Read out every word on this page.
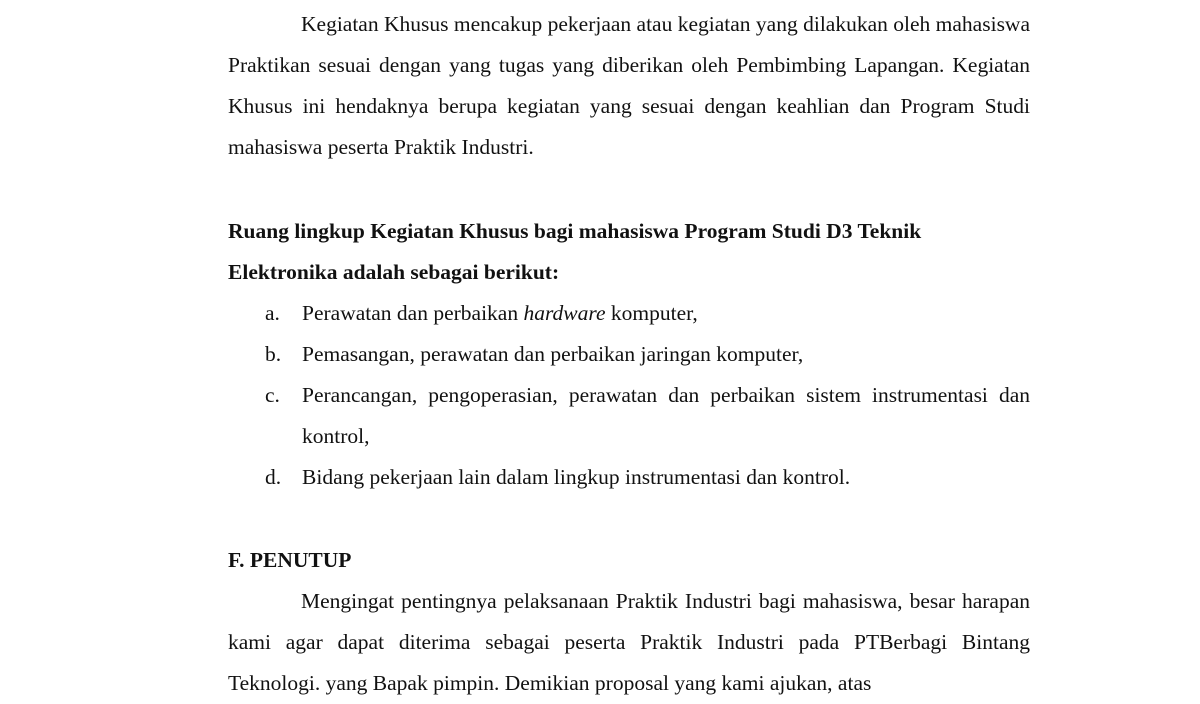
Kegiatan Khusus mencakup pekerjaan atau kegiatan yang dilakukan oleh mahasiswa Praktikan sesuai dengan yang tugas yang diberikan oleh Pembimbing Lapangan. Kegiatan Khusus ini hendaknya berupa kegiatan yang sesuai dengan keahlian dan Program Studi mahasiswa peserta Praktik Industri.

Ruang lingkup Kegiatan Khusus bagi mahasiswa Program Studi D3 Teknik Elektronika adalah sebagai berikut:

a.	Perawatan dan perbaikan hardware komputer,
b. Pemasangan, perawatan dan perbaikan jaringan komputer,
c.	Perancangan, pengoperasian, perawatan dan perbaikan sistem instrumentasi dan kontrol,
d. Bidang pekerjaan lain dalam lingkup instrumentasi dan kontrol.

F. PENUTUP

Mengingat pentingnya pelaksanaan Praktik Industri bagi mahasiswa, besar harapan kami agar dapat diterima sebagai peserta Praktik Industri pada PTBerbagi Bintang Teknologi. yang Bapak pimpin. Demikian proposal yang kami ajukan, atas
